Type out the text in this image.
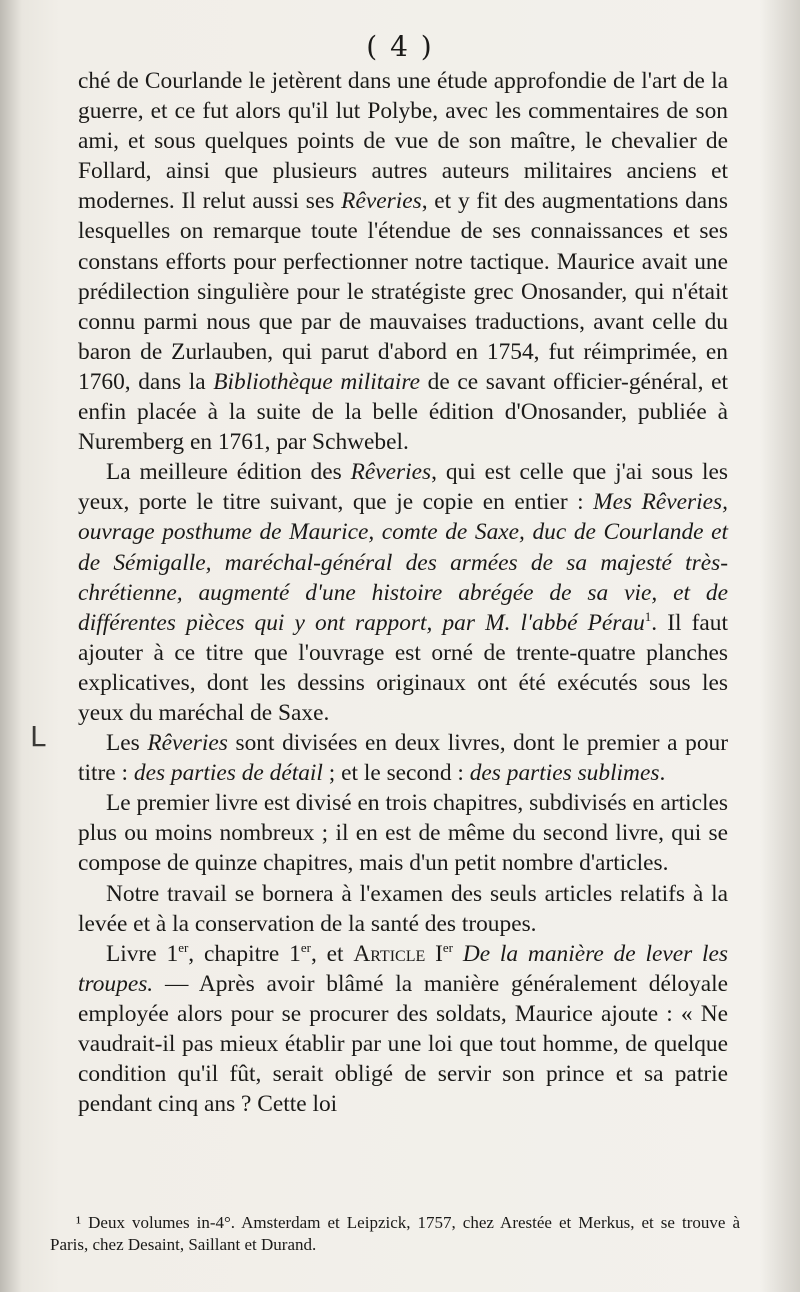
( 4 )
L

ché de Courlande le jetèrent dans une étude approfondie de l'art de la guerre, et ce fut alors qu'il lut Polybe, avec les commentaires de son ami, et sous quelques points de vue de son maître, le chevalier de Follard, ainsi que plusieurs autres auteurs militaires anciens et modernes. Il relut aussi ses Rêveries, et y fit des augmentations dans lesquelles on remarque toute l'étendue de ses connaissances et ses constans efforts pour perfectionner notre tactique. Maurice avait une prédilection singulière pour le stratégiste grec Onosander, qui n'était connu parmi nous que par de mauvaises traductions, avant celle du baron de Zurlauben, qui parut d'abord en 1754, fut réimprimée, en 1760, dans la Bibliothèque militaire de ce savant officier-général, et enfin placée à la suite de la belle édition d'Onosander, publiée à Nuremberg en 1761, par Schwebel.

La meilleure édition des Rêveries, qui est celle que j'ai sous les yeux, porte le titre suivant, que je copie en entier : Mes Rêveries, ouvrage posthume de Maurice, comte de Saxe, duc de Courlande et de Sémigalle, maréchal-général des armées de sa majesté très-chrétienne, augmenté d'une histoire abrégée de sa vie, et de différentes pièces qui y ont rapport, par M. l'abbé Pérau$^1$. Il faut ajouter à ce titre que l'ouvrage est orné de trente-quatre planches explicatives, dont les dessins originaux ont été exécutés sous les yeux du maréchal de Saxe.

Les Rêveries sont divisées en deux livres, dont le premier a pour titre : des parties de détail ; et le second : des parties sublimes.

Le premier livre est divisé en trois chapitres, subdivisés en articles plus ou moins nombreux ; il en est de même du second livre, qui se compose de quinze chapitres, mais d'un petit nombre d'articles.

Notre travail se bornera à l'examen des seuls articles relatifs à la levée et à la conservation de la santé des troupes.

Livre 1er, chapitre 1er, et Article Ier De la manière de lever les troupes. — Après avoir blâmé la manière généralement déloyale employée alors pour se procurer des soldats, Maurice ajoute : « Ne vaudrait-il pas mieux établir par une loi que tout homme, de quelque condition qu'il fût, serait obligé de servir son prince et sa patrie pendant cinq ans ? Cette loi

¹ Deux volumes in-4°. Amsterdam et Leipzick, 1757, chez Arestée et Merkus, et se trouve à Paris, chez Desaint, Saillant et Durand.
